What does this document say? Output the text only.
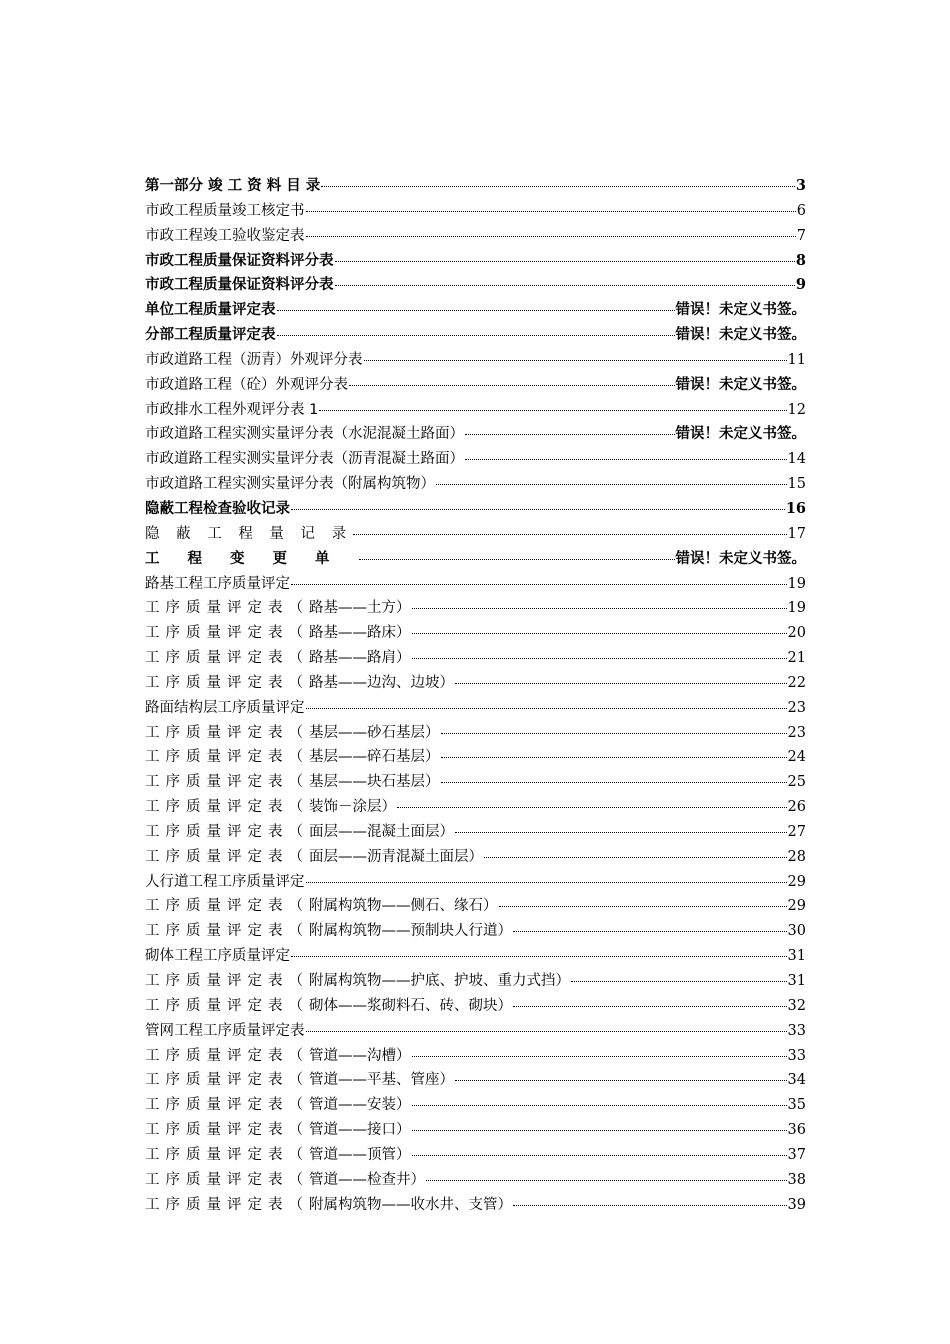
第一部分 竣 工 资 料 目 录	3
市政工程质量竣工核定书	6
市政工程竣工验收鉴定表	7
市政工程质量保证资料评分表	8
市政工程质量保证资料评分表	9
单位工程质量评定表	错误！未定义书签。
分部工程质量评定表	错误！未定义书签。
市政道路工程（沥青）外观评分表	11
市政道路工程（砼）外观评分表	错误！未定义书签。
市政排水工程外观评分表 1	12
市政道路工程实测实量评分表（水泥混凝土路面）	错误！未定义书签。
市政道路工程实测实量评分表（沥青混凝土路面）	14
市政道路工程实测实量评分表（附属构筑物）	15
隐蔽工程检查验收记录	16
隐 蔽 工 程 量 记 录	17
工程变更单	错误！未定义书签。
路基工程工序质量评定	19
工序质量评定表（路基——土方）	19
工序质量评定表（路基——路床）	20
工序质量评定表（路基——路肩）	21
工序质量评定表（路基——边沟、边坡）	22
路面结构层工序质量评定	23
工序质量评定表（基层——砂石基层）	23
工序质量评定表（基层——碎石基层）	24
工序质量评定表（基层——块石基层）	25
工序质量评定表（装饰－涂层）	26
工序质量评定表（面层——混凝土面层）	27
工序质量评定表（面层——沥青混凝土面层）	28
人行道工程工序质量评定	29
工序质量评定表（附属构筑物——侧石、缘石）	29
工序质量评定表（附属构筑物——预制块人行道）	30
砌体工程工序质量评定	31
工序质量评定表（附属构筑物——护底、护坡、重力式挡）	31
工序质量评定表（砌体——浆砌料石、砖、砌块）	32
管网工程工序质量评定表	33
工序质量评定表（管道——沟槽）	33
工序质量评定表（管道——平基、管座）	34
工序质量评定表（管道——安装）	35
工序质量评定表（管道——接口）	36
工序质量评定表（管道——顶管）	37
工序质量评定表（管道——检查井）	38
工序质量评定表（附属构筑物——收水井、支管）	39
